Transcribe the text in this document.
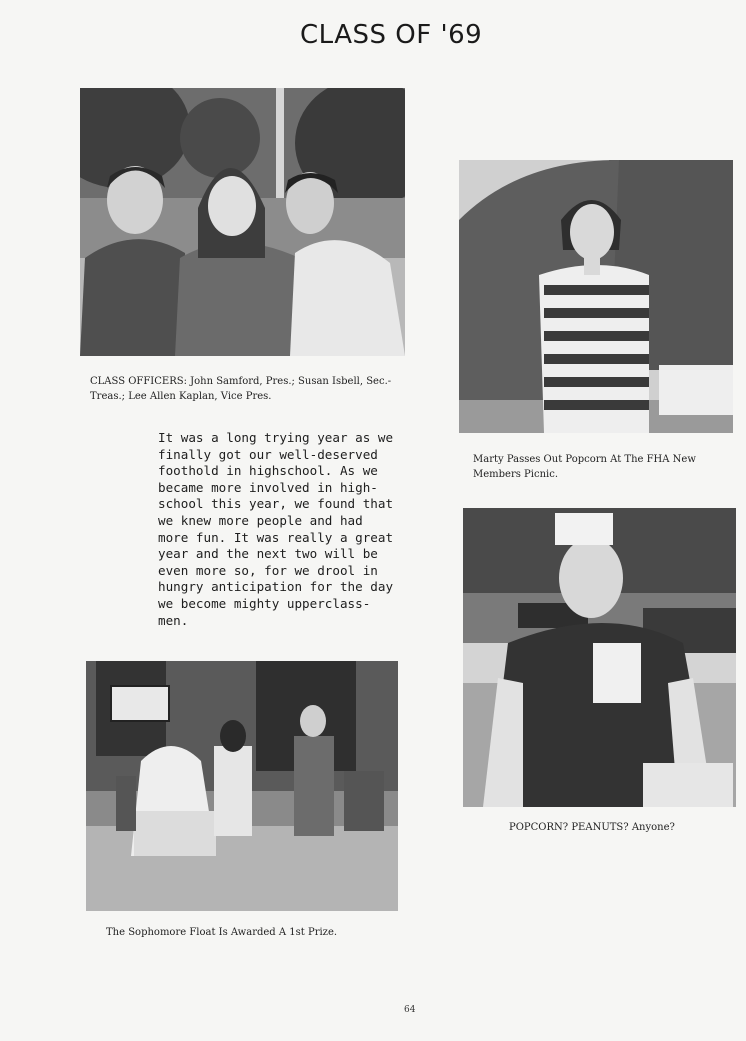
CLASS OF '69
CLASS OFFICERS: John Samford, Pres.; Susan Isbell, Sec.-Treas.; Lee Allen Kaplan, Vice Pres.
Marty Passes Out Popcorn At The FHA New Members Picnic.
It was a long trying year as we
finally got our well-deserved
foothold in highschool. As we
became more involved in high-
school this year, we found that
we knew more people and had
more fun. It was really a great
year and the next two will be
even more so, for we drool in
hungry anticipation for the day
we become mighty upperclass-
men.
The Sophomore Float Is Awarded A 1st Prize.
POPCORN? PEANUTS? Anyone?
64
